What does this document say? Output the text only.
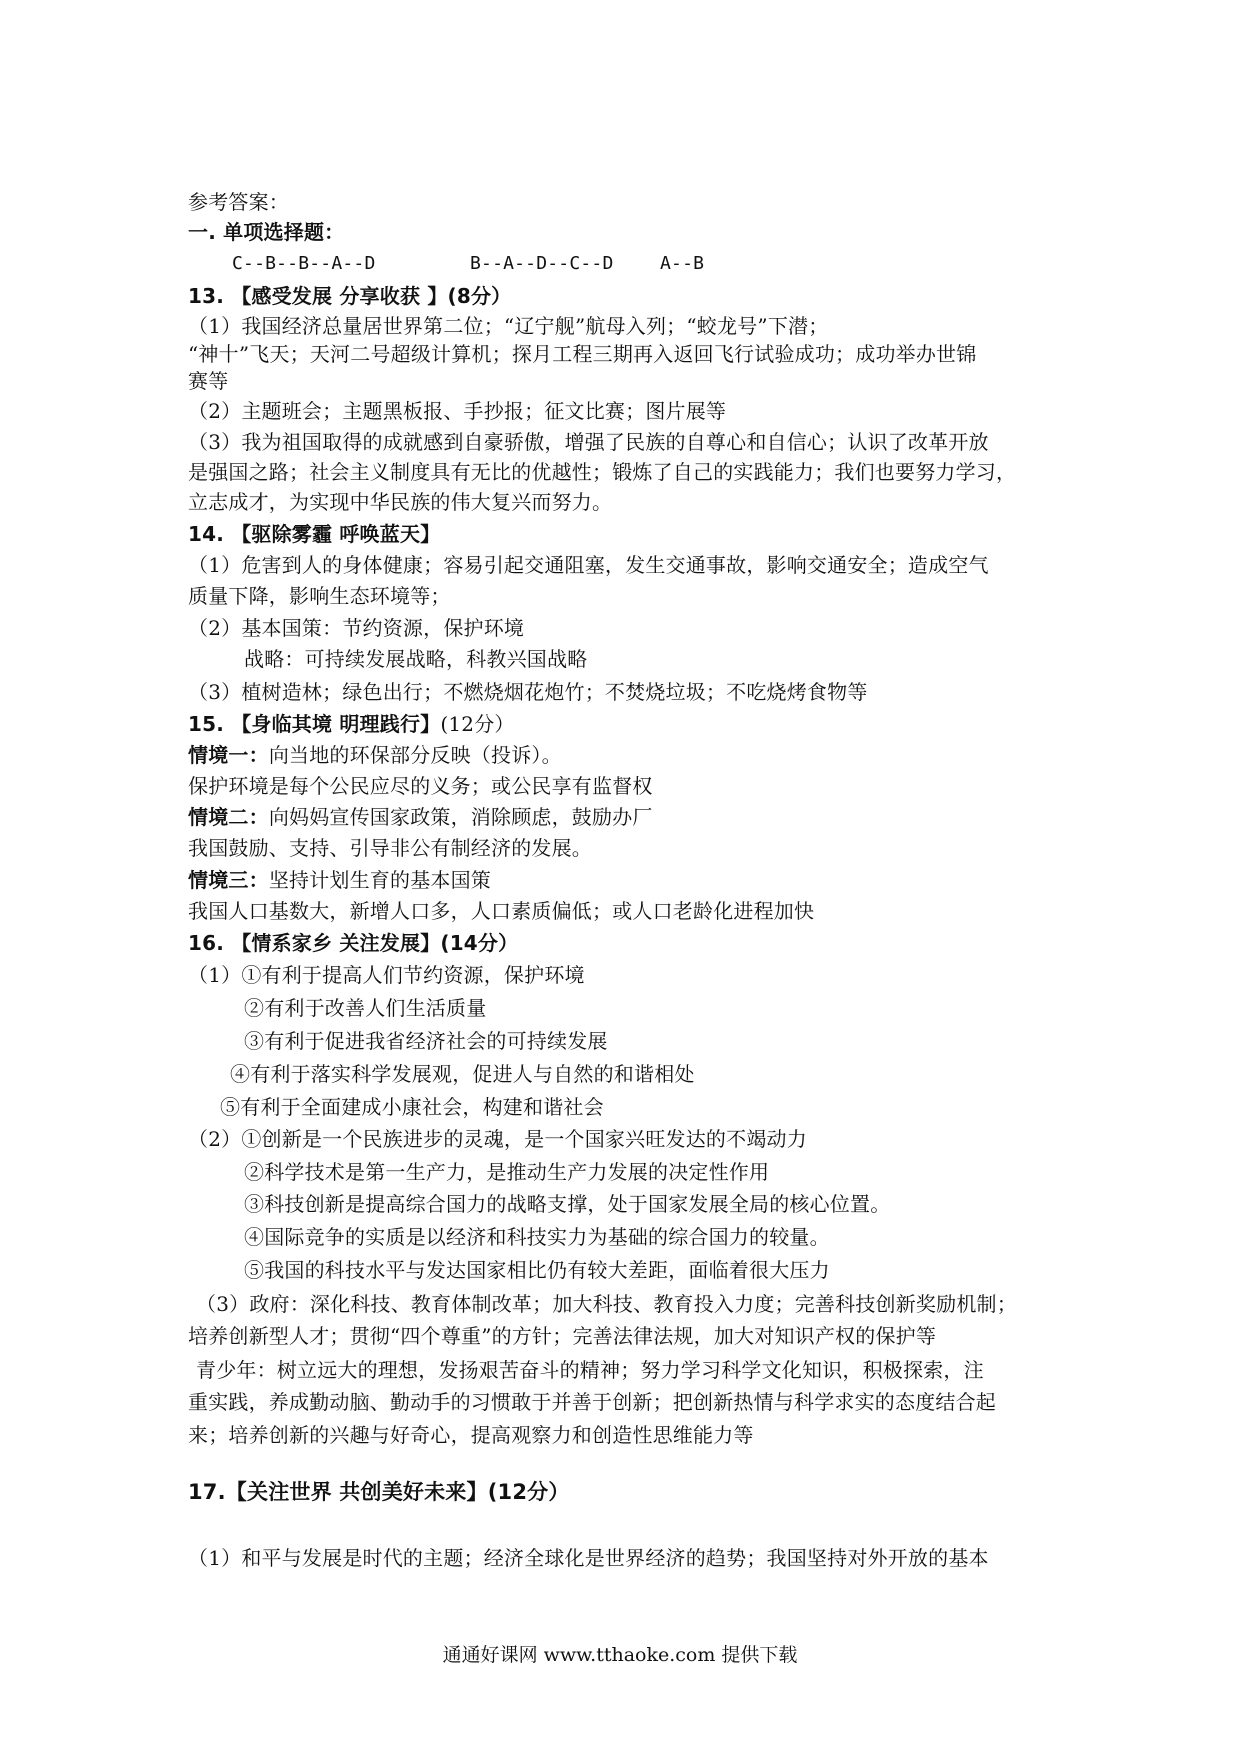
参考答案：
一. 单项选择题：
C--B--B--A--D	B--A--D--C--D	A--B
13. 【感受发展 分享收获 】(8分）
（1）我国经济总量居世界第二位；“辽宁舰”航母入列；“蛟龙号”下潜；
“神十”飞天；天河二号超级计算机；探月工程三期再入返回飞行试验成功；成功举办世锦
赛等
（2）主题班会；主题黑板报、手抄报；征文比赛；图片展等
（3）我为祖国取得的成就感到自豪骄傲，增强了民族的自尊心和自信心；认识了改革开放
是强国之路；社会主义制度具有无比的优越性；锻炼了自己的实践能力；我们也要努力学习，
立志成才，为实现中华民族的伟大复兴而努力。
14. 【驱除雾霾 呼唤蓝天】
（1）危害到人的身体健康；容易引起交通阻塞，发生交通事故，影响交通安全；造成空气
质量下降，影响生态环境等；
（2）基本国策：节约资源，保护环境
战略：可持续发展战略，科教兴国战略
（3）植树造林；绿色出行；不燃烧烟花炮竹；不焚烧垃圾；不吃烧烤食物等
15. 【身临其境 明理践行】(12分）
情境一：向当地的环保部分反映（投诉）。
保护环境是每个公民应尽的义务；或公民享有监督权
情境二：向妈妈宣传国家政策，消除顾虑，鼓励办厂
我国鼓励、支持、引导非公有制经济的发展。
情境三：坚持计划生育的基本国策
我国人口基数大，新增人口多，人口素质偏低；或人口老龄化进程加快
16. 【情系家乡 关注发展】(14分）
（1）①有利于提高人们节约资源，保护环境
②有利于改善人们生活质量
③有利于促进我省经济社会的可持续发展
④有利于落实科学发展观，促进人与自然的和谐相处
⑤有利于全面建成小康社会，构建和谐社会
（2）①创新是一个民族进步的灵魂，是一个国家兴旺发达的不竭动力
②科学技术是第一生产力，是推动生产力发展的决定性作用
③科技创新是提高综合国力的战略支撑，处于国家发展全局的核心位置。
④国际竞争的实质是以经济和科技实力为基础的综合国力的较量。
⑤我国的科技水平与发达国家相比仍有较大差距，面临着很大压力
（3）政府：深化科技、教育体制改革；加大科技、教育投入力度；完善科技创新奖励机制；
培养创新型人才；贯彻“四个尊重”的方针；完善法律法规，加大对知识产权的保护等
青少年：树立远大的理想，发扬艰苦奋斗的精神；努力学习科学文化知识，积极探索，注
重实践，养成勤动脑、勤动手的习惯敢于并善于创新；把创新热情与科学求实的态度结合起
来；培养创新的兴趣与好奇心，提高观察力和创造性思维能力等
17.【关注世界 共创美好未来】(12分）
（1）和平与发展是时代的主题；经济全球化是世界经济的趋势；我国坚持对外开放的基本
通通好课网 www.tthaoke.com 提供下载
